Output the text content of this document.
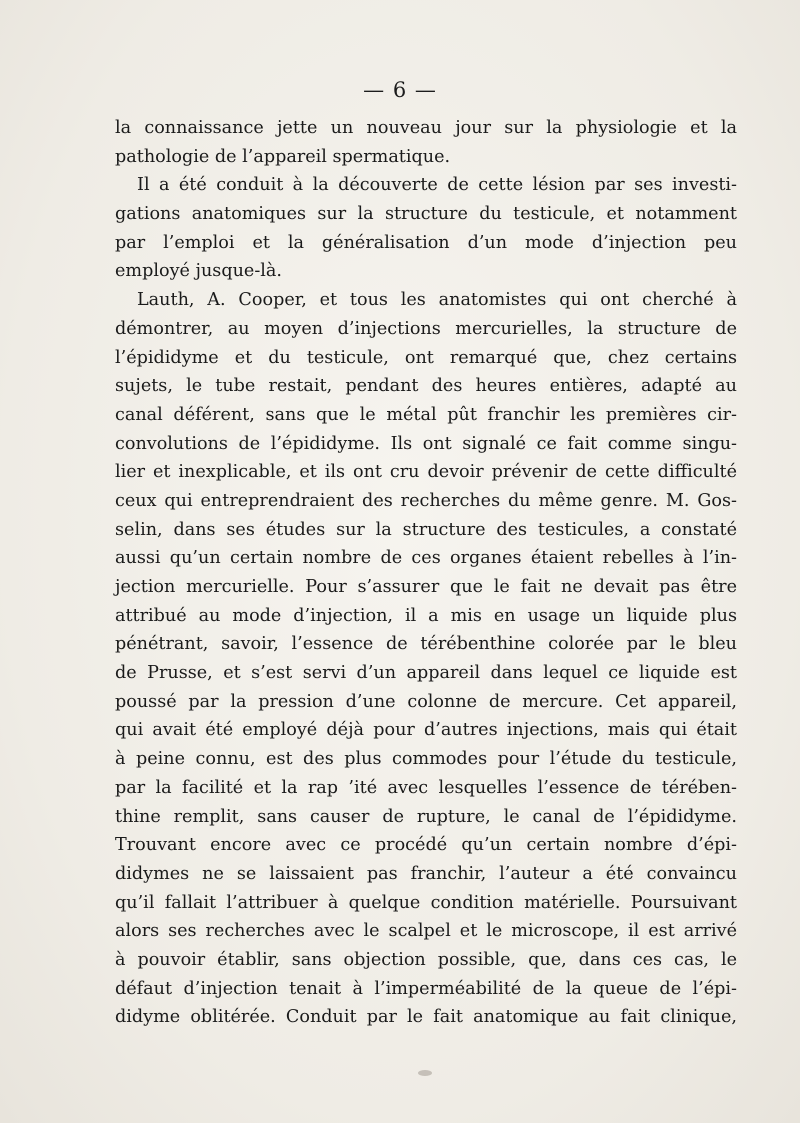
— 6 —
la connaissance jette un nouveau jour sur la physiologie et la
pathologie de l’appareil spermatique.
Il a été conduit à la découverte de cette lésion par ses investi-
gations anatomiques sur la structure du testicule, et notamment
par l’emploi et la généralisation d’un mode d’injection peu
employé jusque-là.
Lauth, A. Cooper, et tous les anatomistes qui ont cherché à
démontrer, au moyen d’injections mercurielles, la structure de
l’épididyme et du testicule, ont remarqué que, chez certains
sujets, le tube restait, pendant des heures entières, adapté au
canal déférent, sans que le métal pût franchir les premières cir-
convolutions de l’épididyme. Ils ont signalé ce fait comme singu-
lier et inexplicable, et ils ont cru devoir prévenir de cette difficulté
ceux qui entreprendraient des recherches du même genre. M. Gos-
selin, dans ses études sur la structure des testicules, a constaté
aussi qu’un certain nombre de ces organes étaient rebelles à l’in-
jection mercurielle. Pour s’assurer que le fait ne devait pas être
attribué au mode d’injection, il a mis en usage un liquide plus
pénétrant, savoir, l’essence de térébenthine colorée par le bleu
de Prusse, et s’est servi d’un appareil dans lequel ce liquide est
poussé par la pression d’une colonne de mercure. Cet appareil,
qui avait été employé déjà pour d’autres injections, mais qui était
à peine connu, est des plus commodes pour l’étude du testicule,
par la facilité et la rap ’ité avec lesquelles l’essence de térében-
thine remplit, sans causer de rupture, le canal de l’épididyme.
Trouvant encore avec ce procédé qu’un certain nombre d’épi-
didymes ne se laissaient pas franchir, l’auteur a été convaincu
qu’il fallait l’attribuer à quelque condition matérielle. Poursuivant
alors ses recherches avec le scalpel et le microscope, il est arrivé
à pouvoir établir, sans objection possible, que, dans ces cas, le
défaut d’injection tenait à l’imperméabilité de la queue de l’épi-
didyme oblitérée. Conduit par le fait anatomique au fait clinique,
